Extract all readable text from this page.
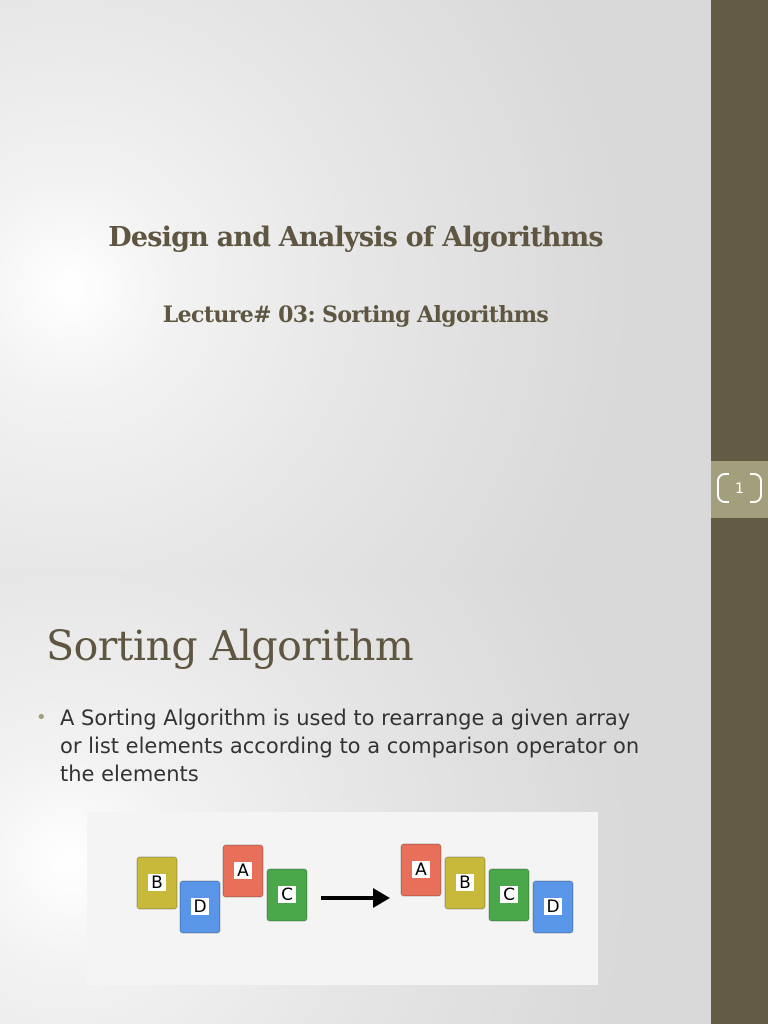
Design and Analysis of Algorithms
Lecture# 03: Sorting Algorithms
1
Sorting Algorithm
• A Sorting Algorithm is used to rearrange a given array or list elements according to a comparison operator on the elements
B
D
A
C
A
B
C
D
